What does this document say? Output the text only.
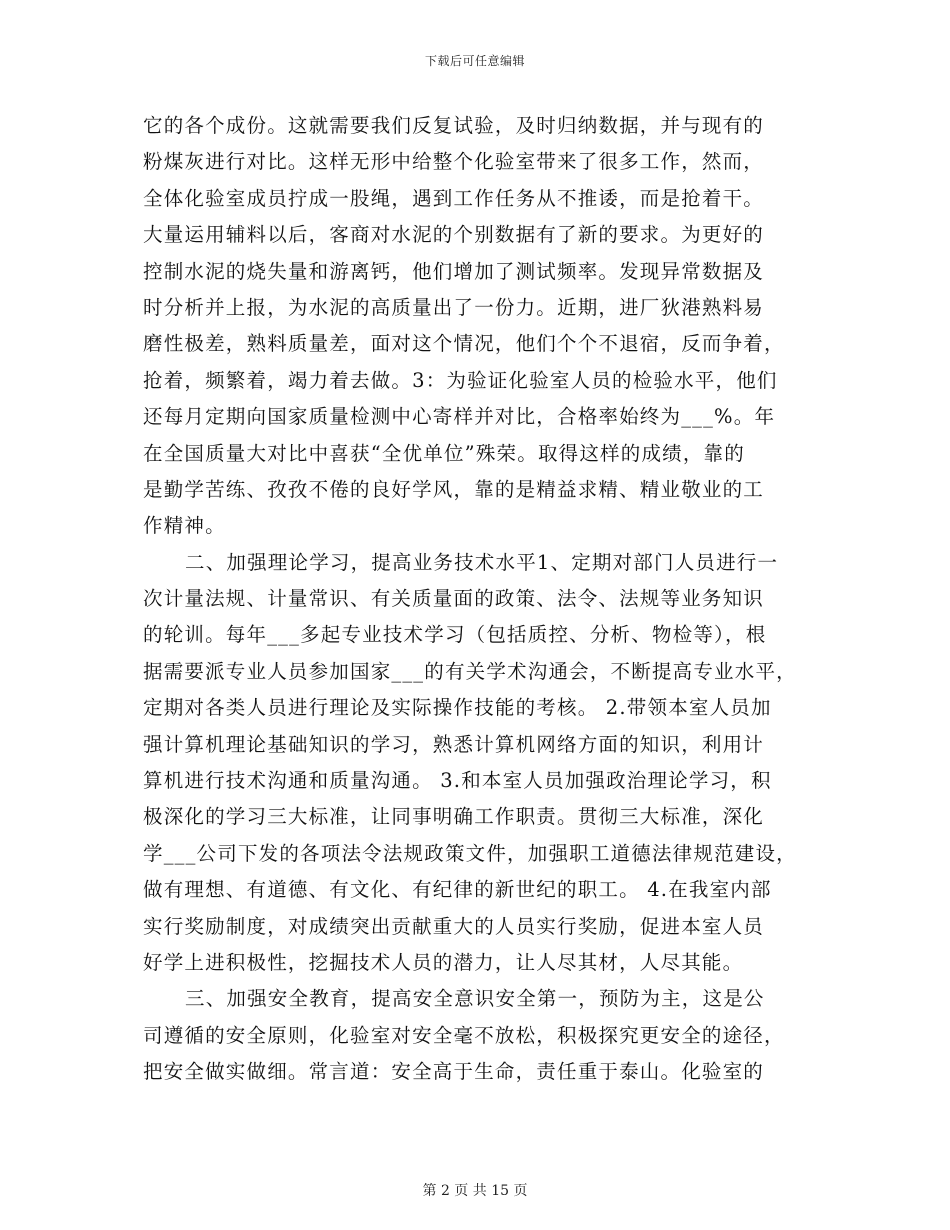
下载后可任意编辑
它的各个成份。这就需要我们反复试验，及时归纳数据，并与现有的
粉煤灰进行对比。这样无形中给整个化验室带来了很多工作，然而，
全体化验室成员拧成一股绳，遇到工作任务从不推诿，而是抢着干。
大量运用辅料以后，客商对水泥的个别数据有了新的要求。为更好的
控制水泥的烧失量和游离钙，他们增加了测试频率。发现异常数据及
时分析并上报，为水泥的高质量出了一份力。近期，进厂狄港熟料易
磨性极差，熟料质量差，面对这个情况，他们个个不退宿，反而争着，
抢着，频繁着，竭力着去做。3：为验证化验室人员的检验水平，他们
还每月定期向国家质量检测中心寄样并对比，合格率始终为___%。年
在全国质量大对比中喜获“全优单位”殊荣。取得这样的成绩，靠的
是勤学苦练、孜孜不倦的良好学风，靠的是精益求精、精业敬业的工
作精神。
二、加强理论学习，提高业务技术水平1、定期对部门人员进行一
次计量法规、计量常识、有关质量面的政策、法令、法规等业务知识
的轮训。每年___多起专业技术学习（包括质控、分析、物检等），根
据需要派专业人员参加国家___的有关学术沟通会，不断提高专业水平，
定期对各类人员进行理论及实际操作技能的考核。 2.带领本室人员加
强计算机理论基础知识的学习，熟悉计算机网络方面的知识，利用计
算机进行技术沟通和质量沟通。 3.和本室人员加强政治理论学习，积
极深化的学习三大标准，让同事明确工作职责。贯彻三大标准，深化
学___公司下发的各项法令法规政策文件，加强职工道德法律规范建设，
做有理想、有道德、有文化、有纪律的新世纪的职工。 4.在我室内部
实行奖励制度，对成绩突出贡献重大的人员实行奖励，促进本室人员
好学上进积极性，挖掘技术人员的潜力，让人尽其材，人尽其能。
三、加强安全教育，提高安全意识安全第一，预防为主，这是公
司遵循的安全原则，化验室对安全毫不放松，积极探究更安全的途径，
把安全做实做细。常言道：安全高于生命，责任重于泰山。化验室的
第 2 页 共 15 页
